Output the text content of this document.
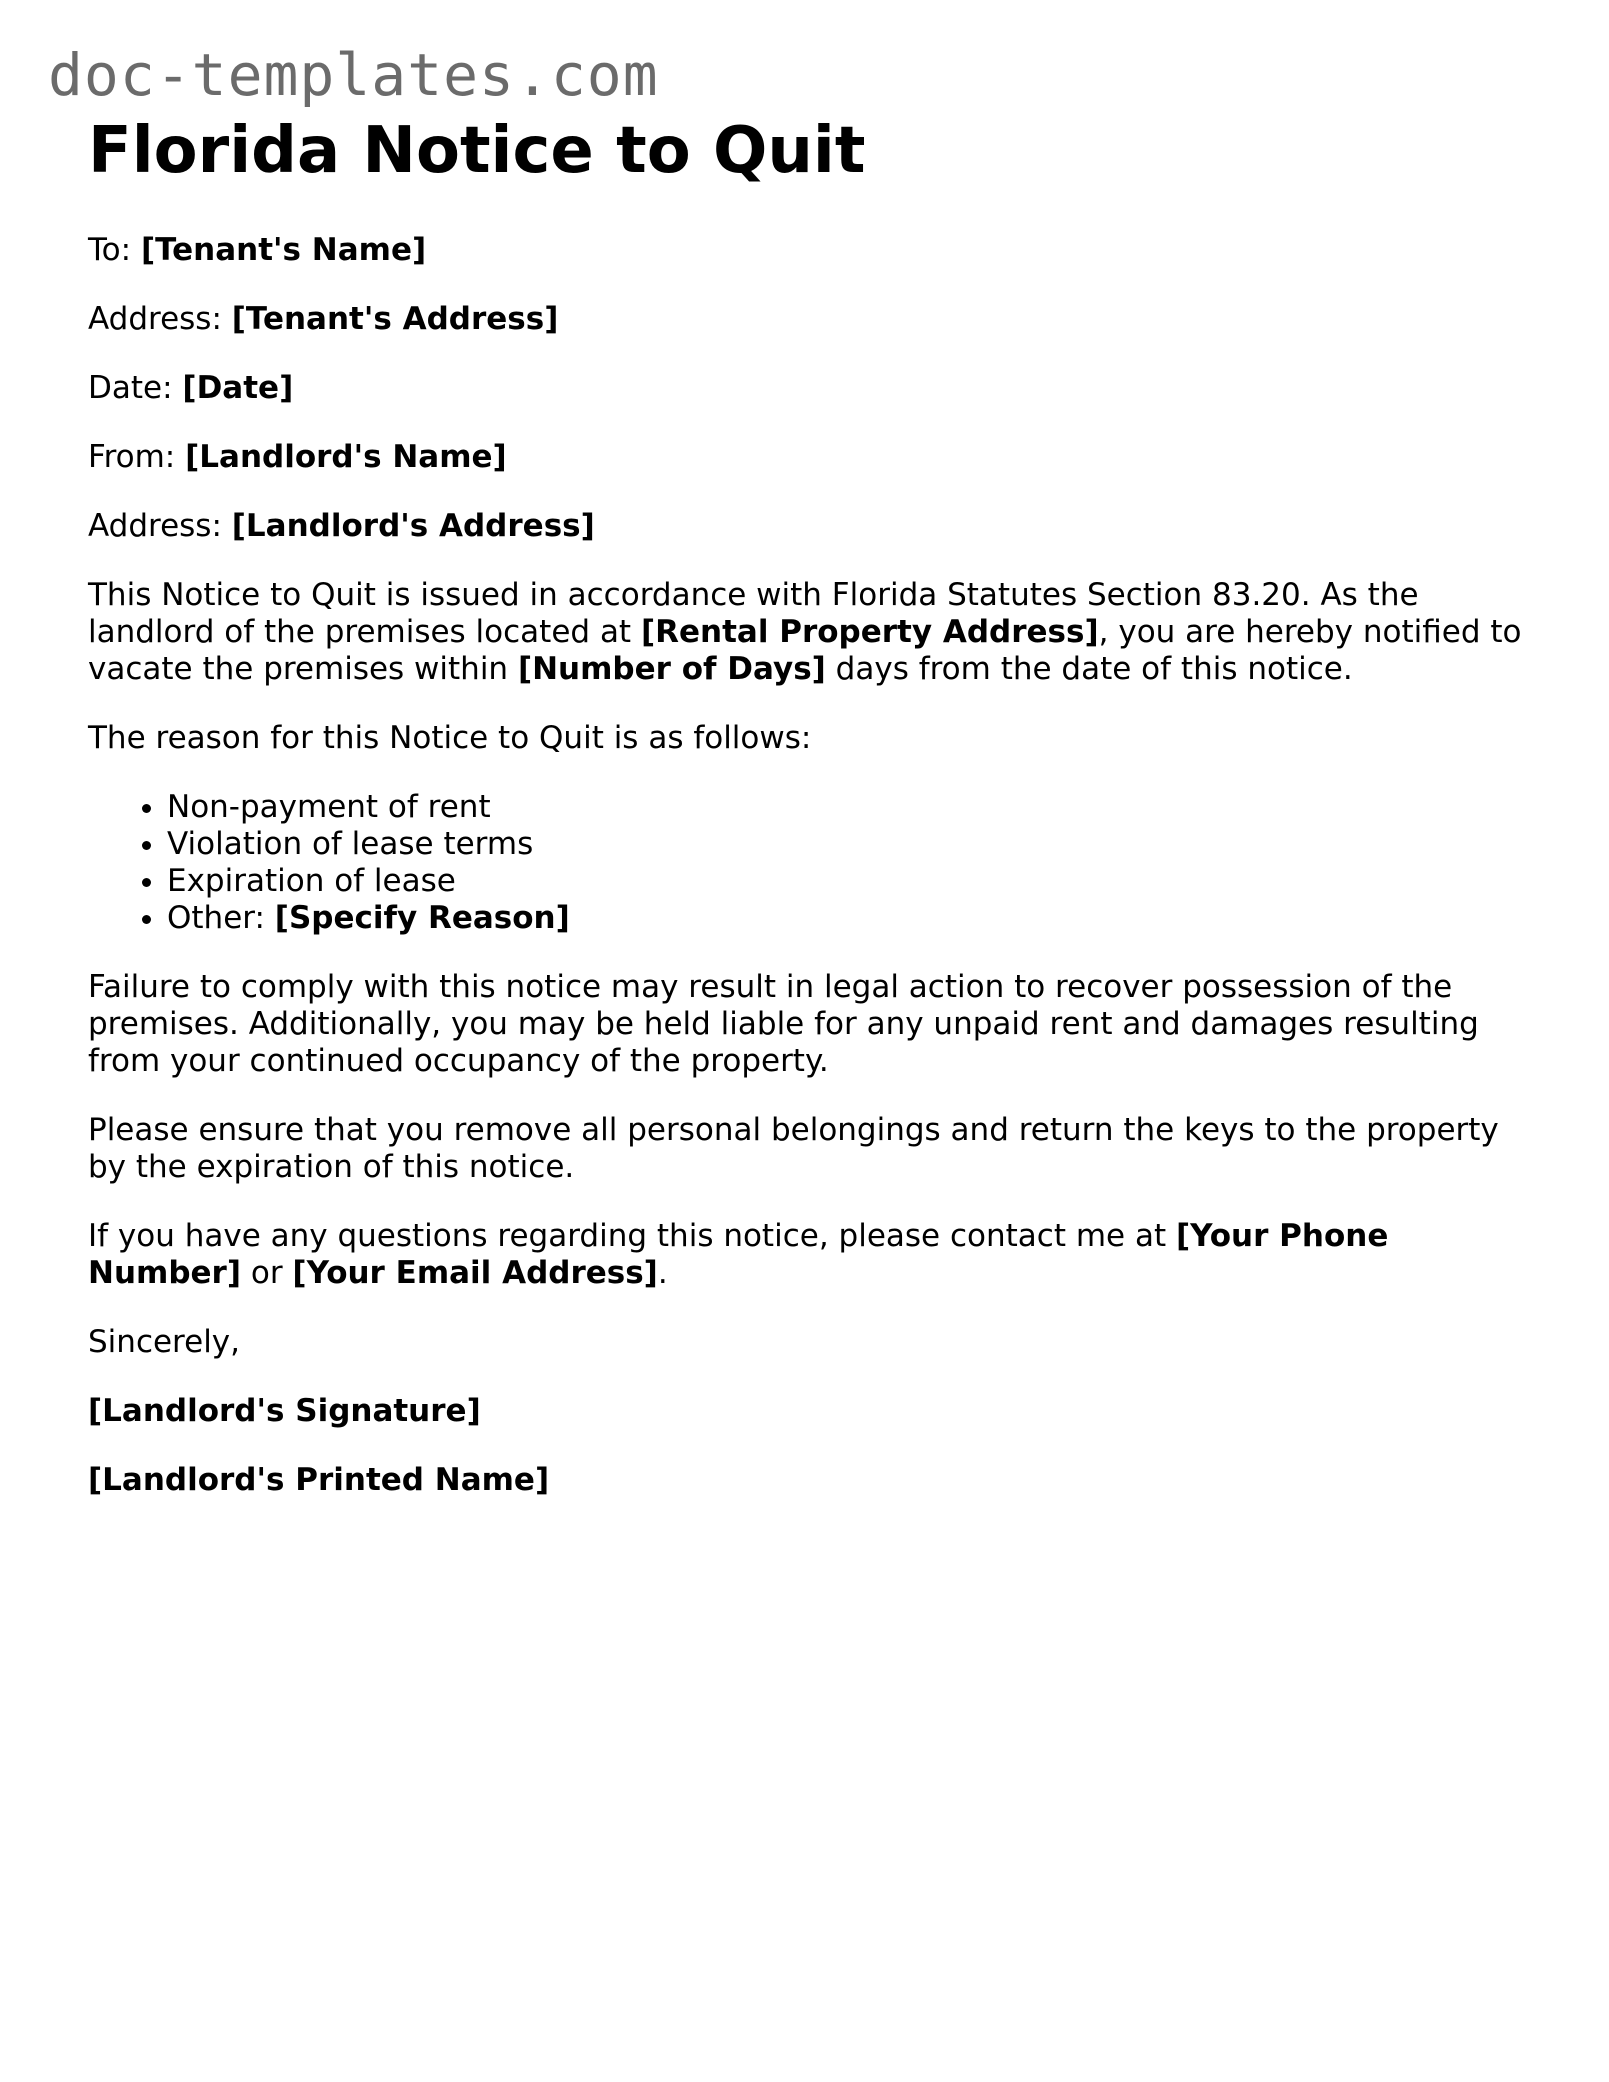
doc-templates.com
Florida Notice to Quit
To: [Tenant's Name]
Address: [Tenant's Address]
Date: [Date]
From: [Landlord's Name]
Address: [Landlord's Address]
This Notice to Quit is issued in accordance with Florida Statutes Section 83.20. As the landlord of the premises located at [Rental Property Address], you are hereby notified to vacate the premises within [Number of Days] days from the date of this notice.
The reason for this Notice to Quit is as follows:
• Non-payment of rent
• Violation of lease terms
• Expiration of lease
• Other: [Specify Reason]
Failure to comply with this notice may result in legal action to recover possession of the premises. Additionally, you may be held liable for any unpaid rent and damages resulting from your continued occupancy of the property.
Please ensure that you remove all personal belongings and return the keys to the property by the expiration of this notice.
If you have any questions regarding this notice, please contact me at [Your Phone Number] or [Your Email Address].
Sincerely,
[Landlord's Signature]
[Landlord's Printed Name]
